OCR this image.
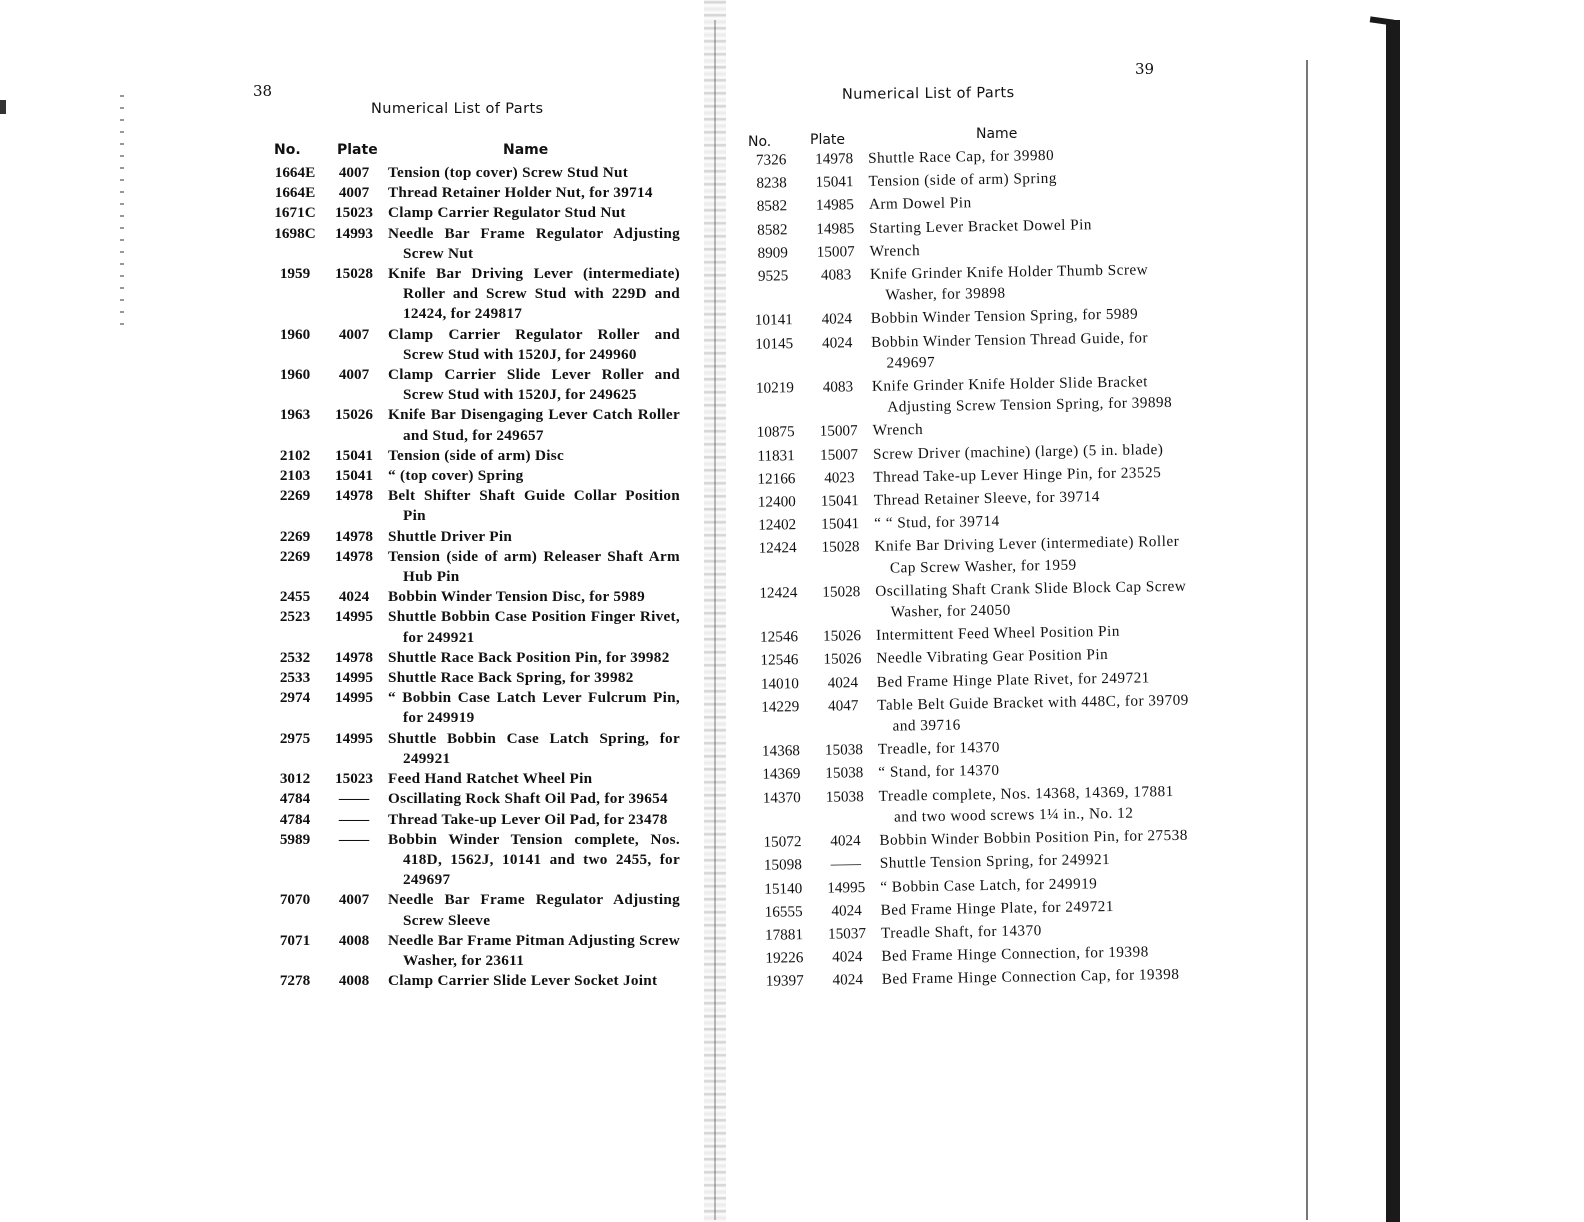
38
Numerical List of Parts
No.	Plate	Name
1664E	4007	Tension (top cover) Screw Stud Nut
1664E	4007	Thread Retainer Holder Nut, for 39714
1671C	15023 Clamp Carrier Regulator Stud Nut
1698C	14993 Needle Bar Frame Regulator Adjusting Screw Nut
1959	15028 Knife Bar Driving Lever (intermediate) Roller and Screw Stud with 229D and 12424, for 249817
1960	4007	Clamp Carrier Regulator Roller and Screw Stud with 1520J, for 249960
1960	4007	Clamp Carrier Slide Lever Roller and Screw Stud with 1520J, for 249625
1963	15026 Knife Bar Disengaging Lever Catch Roller and Stud, for 249657
2102	15041 Tension (side of arm) Disc
2103	15041 “ (top cover) Spring
2269	14978 Belt Shifter Shaft Guide Collar Position Pin
2269	14978 Shuttle Driver Pin
2269	14978 Tension (side of arm) Releaser Shaft Arm Hub Pin
2455	4024	Bobbin Winder Tension Disc, for 5989
2523	14995 Shuttle Bobbin Case Position Finger Rivet, for 249921
2532	14978 Shuttle Race Back Position Pin, for 39982
2533	14995 Shuttle Race Back Spring, for 39982
2974	14995 “ Bobbin Case Latch Lever Fulcrum Pin, for 249919
2975	14995 Shuttle Bobbin Case Latch Spring, for 249921
3012	15023 Feed Hand Ratchet Wheel Pin
4784	——	Oscillating Rock Shaft Oil Pad, for 39654
4784	——	Thread Take-up Lever Oil Pad, for 23478
5989	——	Bobbin Winder Tension complete, Nos. 418D, 1562J, 10141 and two 2455, for 249697
7070	4007	Needle Bar Frame Regulator Adjusting Screw Sleeve
7071	4008	Needle Bar Frame Pitman Adjusting Screw Washer, for 23611
7278	4008	Clamp Carrier Slide Lever Socket Joint
39
Numerical List of Parts
No.	Plate	Name
7326	14978 Shuttle Race Cap, for 39980
8238	15041 Tension (side of arm) Spring
8582	14985 Arm Dowel Pin
8582	14985 Starting Lever Bracket Dowel Pin
8909	15007 Wrench
9525	4083	Knife Grinder Knife Holder Thumb Screw Washer, for 39898
10141	4024	Bobbin Winder Tension Spring, for 5989
10145	4024	Bobbin Winder Tension Thread Guide, for 249697
10219	4083	Knife Grinder Knife Holder Slide Bracket Adjusting Screw Tension Spring, for 39898
10875	15007 Wrench
11831	15007 Screw Driver (machine) (large) (5 in. blade)
12166	4023	Thread Take-up Lever Hinge Pin, for 23525
12400	15041 Thread Retainer Sleeve, for 39714
12402	15041 “ “ Stud, for 39714
12424	15028 Knife Bar Driving Lever (intermediate) Roller Cap Screw Washer, for 1959
12424	15028 Oscillating Shaft Crank Slide Block Cap Screw Washer, for 24050
12546	15026 Intermittent Feed Wheel Position Pin
12546	15026 Needle Vibrating Gear Position Pin
14010	4024	Bed Frame Hinge Plate Rivet, for 249721
14229	4047	Table Belt Guide Bracket with 448C, for 39709 and 39716
14368	15038 Treadle, for 14370
14369	15038 “ Stand, for 14370
14370	15038 Treadle complete, Nos. 14368, 14369, 17881 and two wood screws 1¼ in., No. 12
15072	4024	Bobbin Winder Bobbin Position Pin, for 27538
15098	——	Shuttle Tension Spring, for 249921
15140	14995 “ Bobbin Case Latch, for 249919
16555	4024	Bed Frame Hinge Plate, for 249721
17881	15037 Treadle Shaft, for 14370
19226	4024	Bed Frame Hinge Connection, for 19398
19397	4024	Bed Frame Hinge Connection Cap, for 19398
